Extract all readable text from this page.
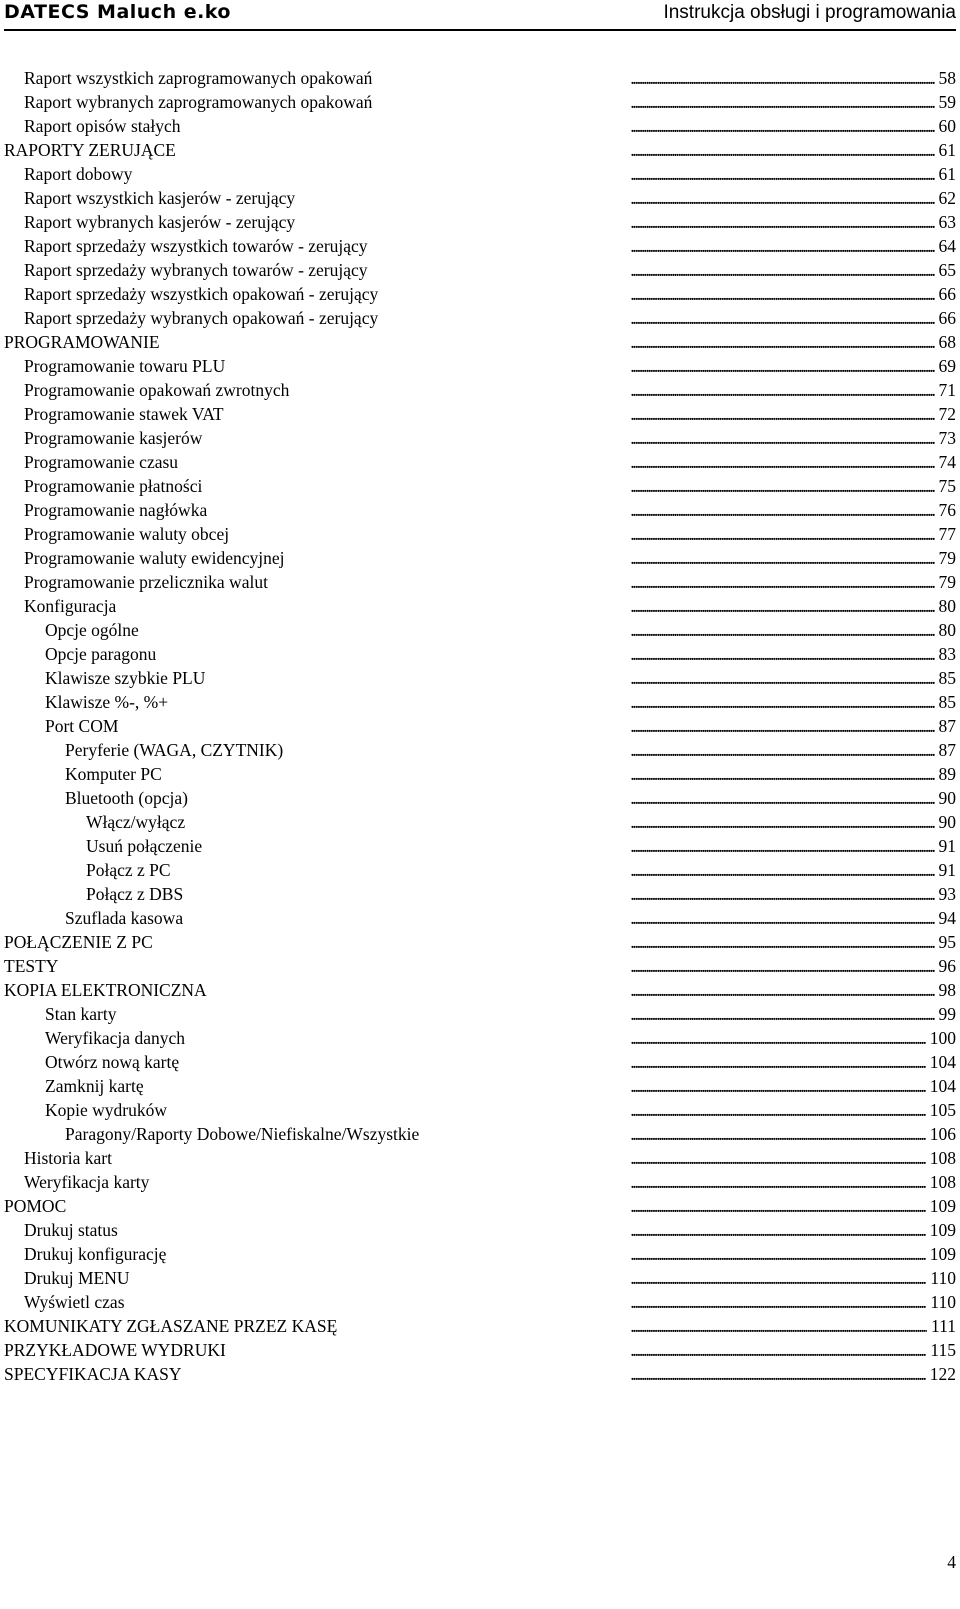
DATECS Maluch e.ko	Instrukcja obsługi i programowania
. . .
Raport wszystkich zaprogramowanych opakowań	58
. . .
Raport wybranych zaprogramowanych opakowań	59
. . .
Raport opisów stałych	60
. . .
RAPORTY ZERUJĄCE	61
. . .
Raport dobowy	61
. . .
Raport wszystkich kasjerów - zerujący	62
. . .
Raport wybranych kasjerów - zerujący	63
. . .
Raport sprzedaży wszystkich towarów - zerujący	64
. . .
Raport sprzedaży wybranych towarów - zerujący	65
. . .
Raport sprzedaży wszystkich opakowań - zerujący	66
. . .
Raport sprzedaży wybranych opakowań - zerujący	66
. . .
PROGRAMOWANIE	68
. . .
Programowanie towaru PLU	69
. . .
Programowanie opakowań zwrotnych	71
. . .
Programowanie stawek VAT	72
. . .
Programowanie kasjerów	73
. . .
Programowanie czasu	74
. . .
Programowanie płatności	75
. . .
Programowanie nagłówka	76
. . .
Programowanie waluty obcej	77
. . .
Programowanie waluty ewidencyjnej	79
. . .
Programowanie przelicznika walut	79
. . .
Konfiguracja	80
. . .
Opcje ogólne	80
. . .
Opcje paragonu	83
. . .
Klawisze szybkie PLU	85
. . .
Klawisze %-, %+	85
. . .
Port COM	87
. . .
Peryferie (WAGA, CZYTNIK)	87
. . .
Komputer PC	89
. . .
Bluetooth (opcja)	90
. . .
Włącz/wyłącz	90
. . .
Usuń połączenie	91
. . .
Połącz z PC	91
. . .
Połącz z DBS	93
. . .
Szuflada kasowa	94
. . .
POŁĄCZENIE Z PC	95
. . .
TESTY	96
. . .
KOPIA ELEKTRONICZNA	98
. . .
Stan karty	99
. . .
Weryfikacja danych	100
. . .
Otwórz nową kartę	104
. . .
Zamknij kartę	104
. . .
Kopie wydruków	105
. . .
Paragony/Raporty Dobowe/Niefiskalne/Wszystkie	106
. . .
Historia kart	108
. . .
Weryfikacja karty	108
. . .
POMOC	109
. . .
Drukuj status	109
. . .
Drukuj konfigurację	109
. . .
Drukuj MENU	110
. . .
Wyświetl czas	110
. . .
KOMUNIKATY ZGŁASZANE PRZEZ KASĘ	111
. . .
PRZYKŁADOWE WYDRUKI	115
. . .
SPECYFIKACJA KASY	122
4
